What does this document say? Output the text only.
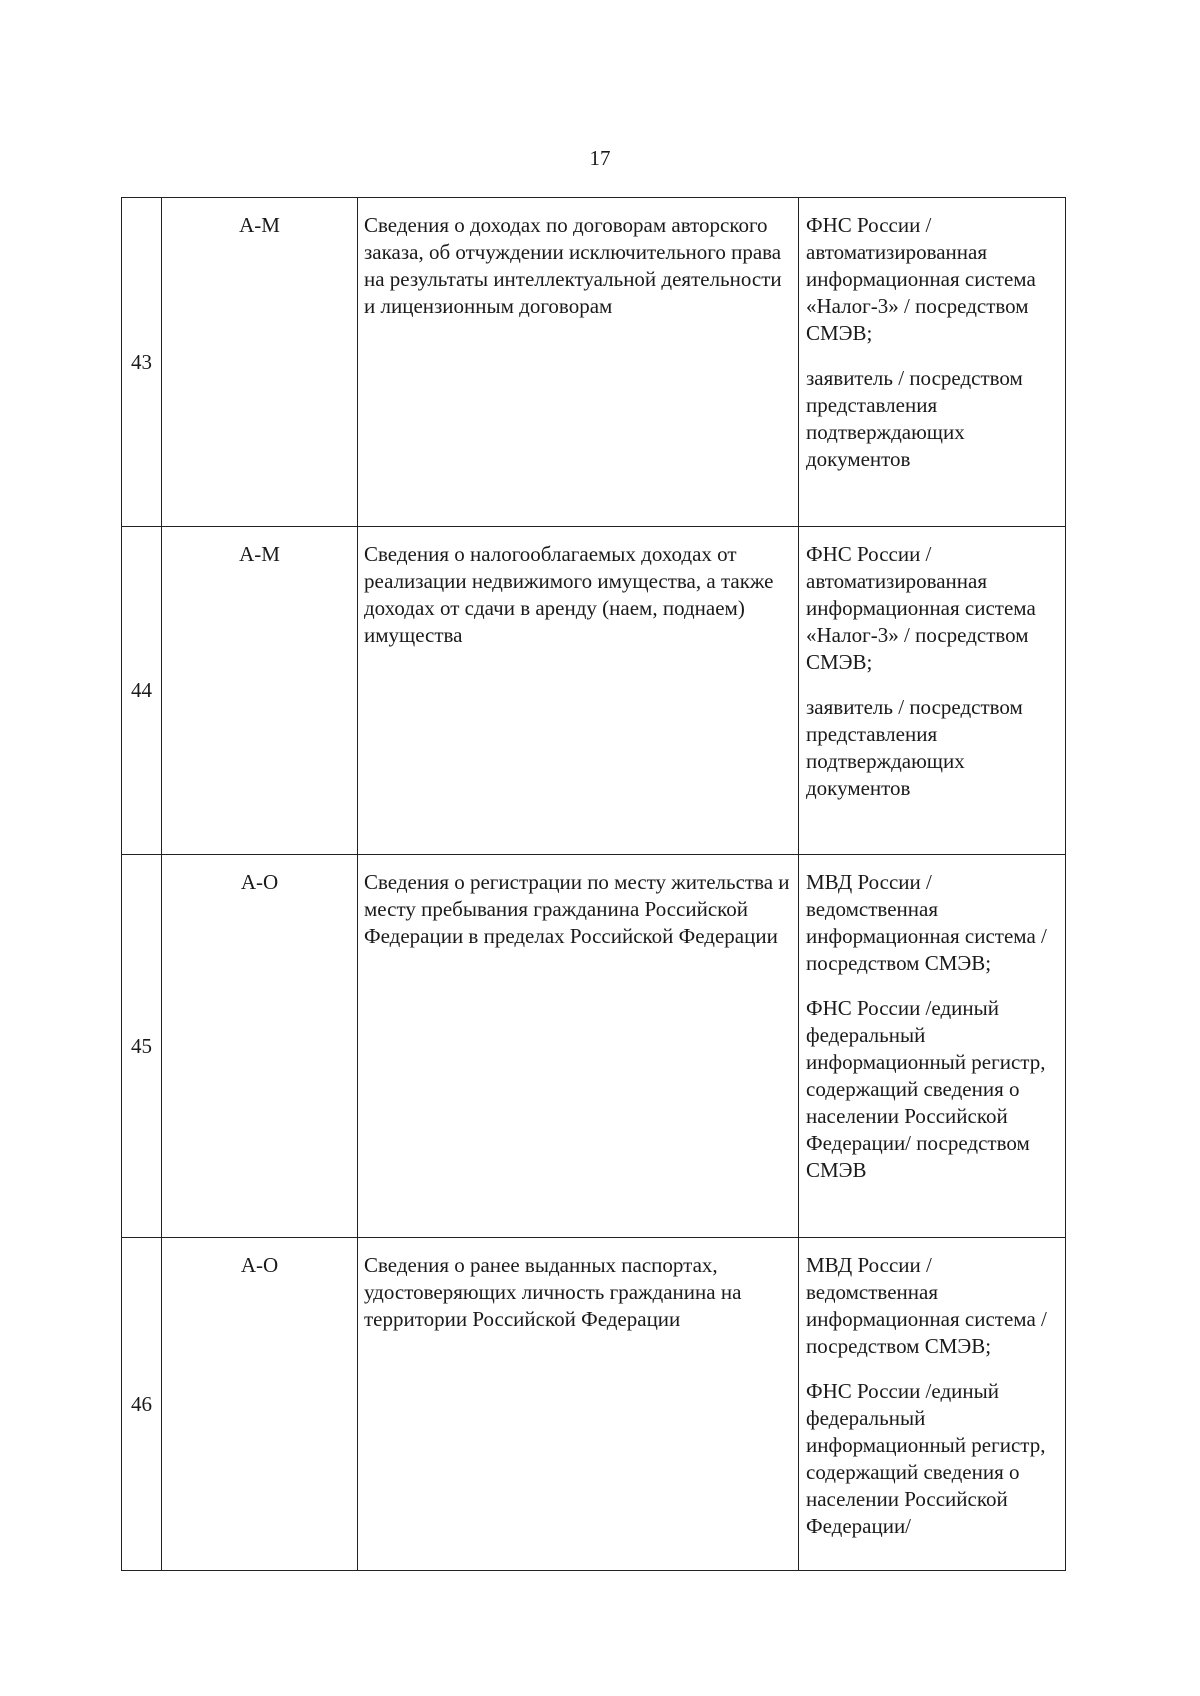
17
43	А-М	Сведения о доходах по договорам авторского заказа, об отчуждении исключительного права на результаты интеллектуальной деятельности и лицензионным договорам	ФНС России / автоматизированная информационная система «Налог-3» / посредством СМЭВ;
заявитель / посредством представления подтверждающих документов

44	А-М	Сведения о налогооблагаемых доходах от реализации недвижимого имущества, а также доходах от сдачи в аренду (наем, поднаем) имущества	ФНС России / автоматизированная информационная система «Налог-3» / посредством СМЭВ;
заявитель / посредством представления подтверждающих документов

45	А-О	Сведения о регистрации по месту жительства и месту пребывания гражданина Российской Федерации в пределах Российской Федерации	МВД России / ведомственная информационная система / посредством СМЭВ;
ФНС России /единый федеральный информационный регистр, содержащий сведения о населении Российской Федерации/ посредством СМЭВ

46	А-О	Сведения о ранее выданных паспортах, удостоверяющих личность гражданина на территории Российской Федерации	МВД России / ведомственная информационная система / посредством СМЭВ;
ФНС России /единый федеральный информационный регистр, содержащий сведения о населении Российской Федерации/
